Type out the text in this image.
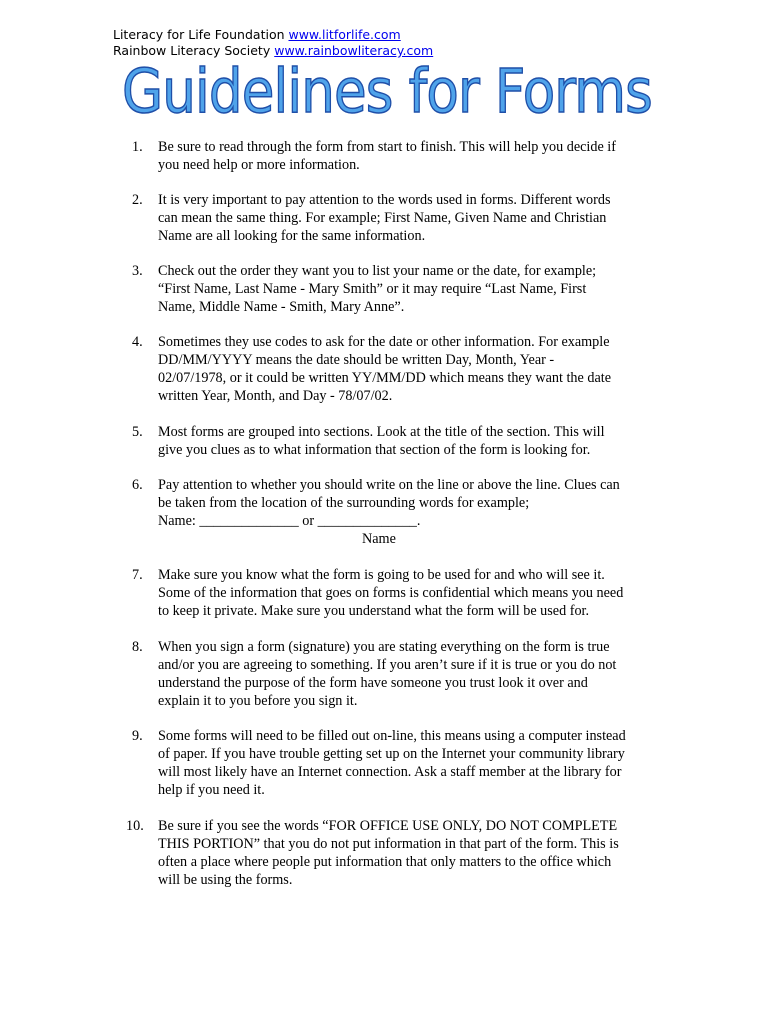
Literacy for Life Foundation www.litforlife.com
Rainbow Literacy Society www.rainbowliteracy.com
Guidelines for Forms
1. Be sure to read through the form from start to finish. This will help you decide if
you need help or more information.
2. It is very important to pay attention to the words used in forms. Different words
can mean the same thing. For example; First Name, Given Name and Christian
Name are all looking for the same information.
3. Check out the order they want you to list your name or the date, for example;
“First Name, Last Name - Mary Smith” or it may require “Last Name, First
Name, Middle Name - Smith, Mary Anne”.
4. Sometimes they use codes to ask for the date or other information. For example
DD/MM/YYYY means the date should be written Day, Month, Year -
02/07/1978, or it could be written YY/MM/DD which means they want the date
written Year, Month, and Day - 78/07/02.
5. Most forms are grouped into sections. Look at the title of the section. This will
give you clues as to what information that section of the form is looking for.
6. Pay attention to whether you should write on the line or above the line. Clues can
be taken from the location of the surrounding words for example;
Name: ______________ or ______________.
Name
7. Make sure you know what the form is going to be used for and who will see it.
Some of the information that goes on forms is confidential which means you need
to keep it private. Make sure you understand what the form will be used for.
8. When you sign a form (signature) you are stating everything on the form is true
and/or you are agreeing to something. If you aren’t sure if it is true or you do not
understand the purpose of the form have someone you trust look it over and
explain it to you before you sign it.
9. Some forms will need to be filled out on-line, this means using a computer instead
of paper. If you have trouble getting set up on the Internet your community library
will most likely have an Internet connection. Ask a staff member at the library for
help if you need it.
10. Be sure if you see the words “FOR OFFICE USE ONLY, DO NOT COMPLETE
THIS PORTION” that you do not put information in that part of the form. This is
often a place where people put information that only matters to the office which
will be using the forms.
